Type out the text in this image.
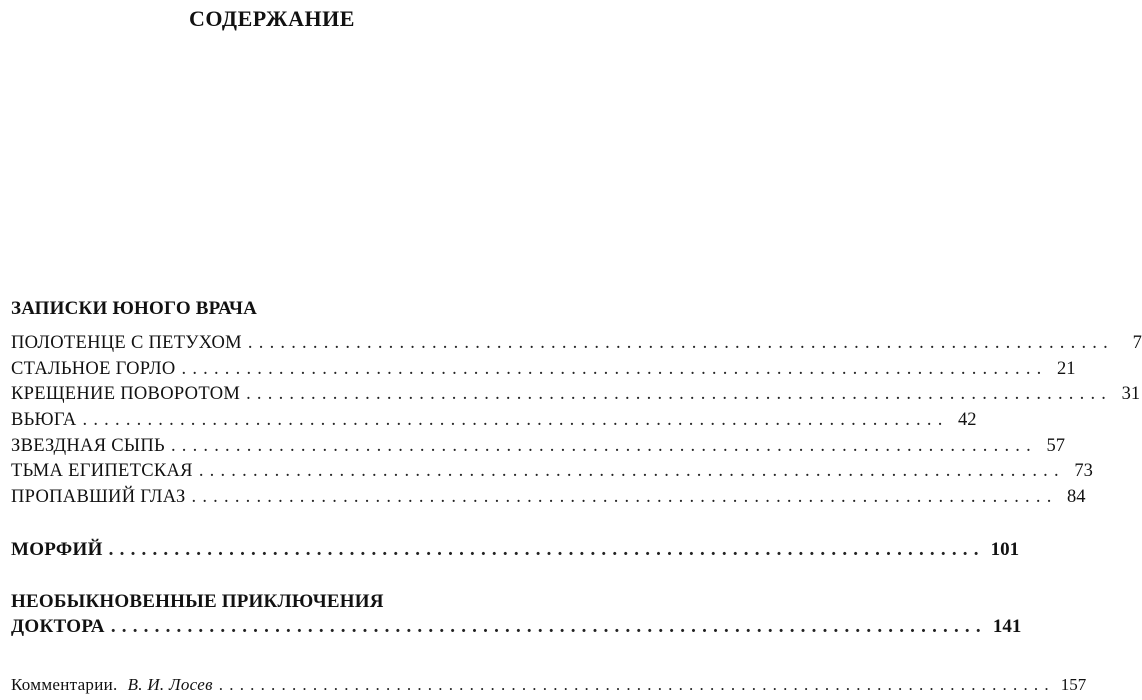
СОДЕРЖАНИЕ
ЗАПИСКИ ЮНОГО ВРАЧА
ПОЛОТЕНЦЕ С ПЕТУХОМ ................................................................................	7
СТАЛЬНОЕ ГОРЛО ................................................................................ 21
КРЕЩЕНИЕ ПОВОРОТОМ ................................................................................ 31
ВЬЮГА ................................................................................ 42
ЗВЕЗДНАЯ СЫПЬ ................................................................................ 57
ТЬМА ЕГИПЕТСКАЯ ................................................................................ 73
ПРОПАВШИЙ ГЛАЗ ................................................................................ 84
МОРФИЙ ................................................................................ 101
НЕОБЫКНОВЕННЫЕ ПРИКЛЮЧЕНИЯ
ДОКТОРА ................................................................................ 141
Комментарии. В. И. Лосев ................................................................................ 157
